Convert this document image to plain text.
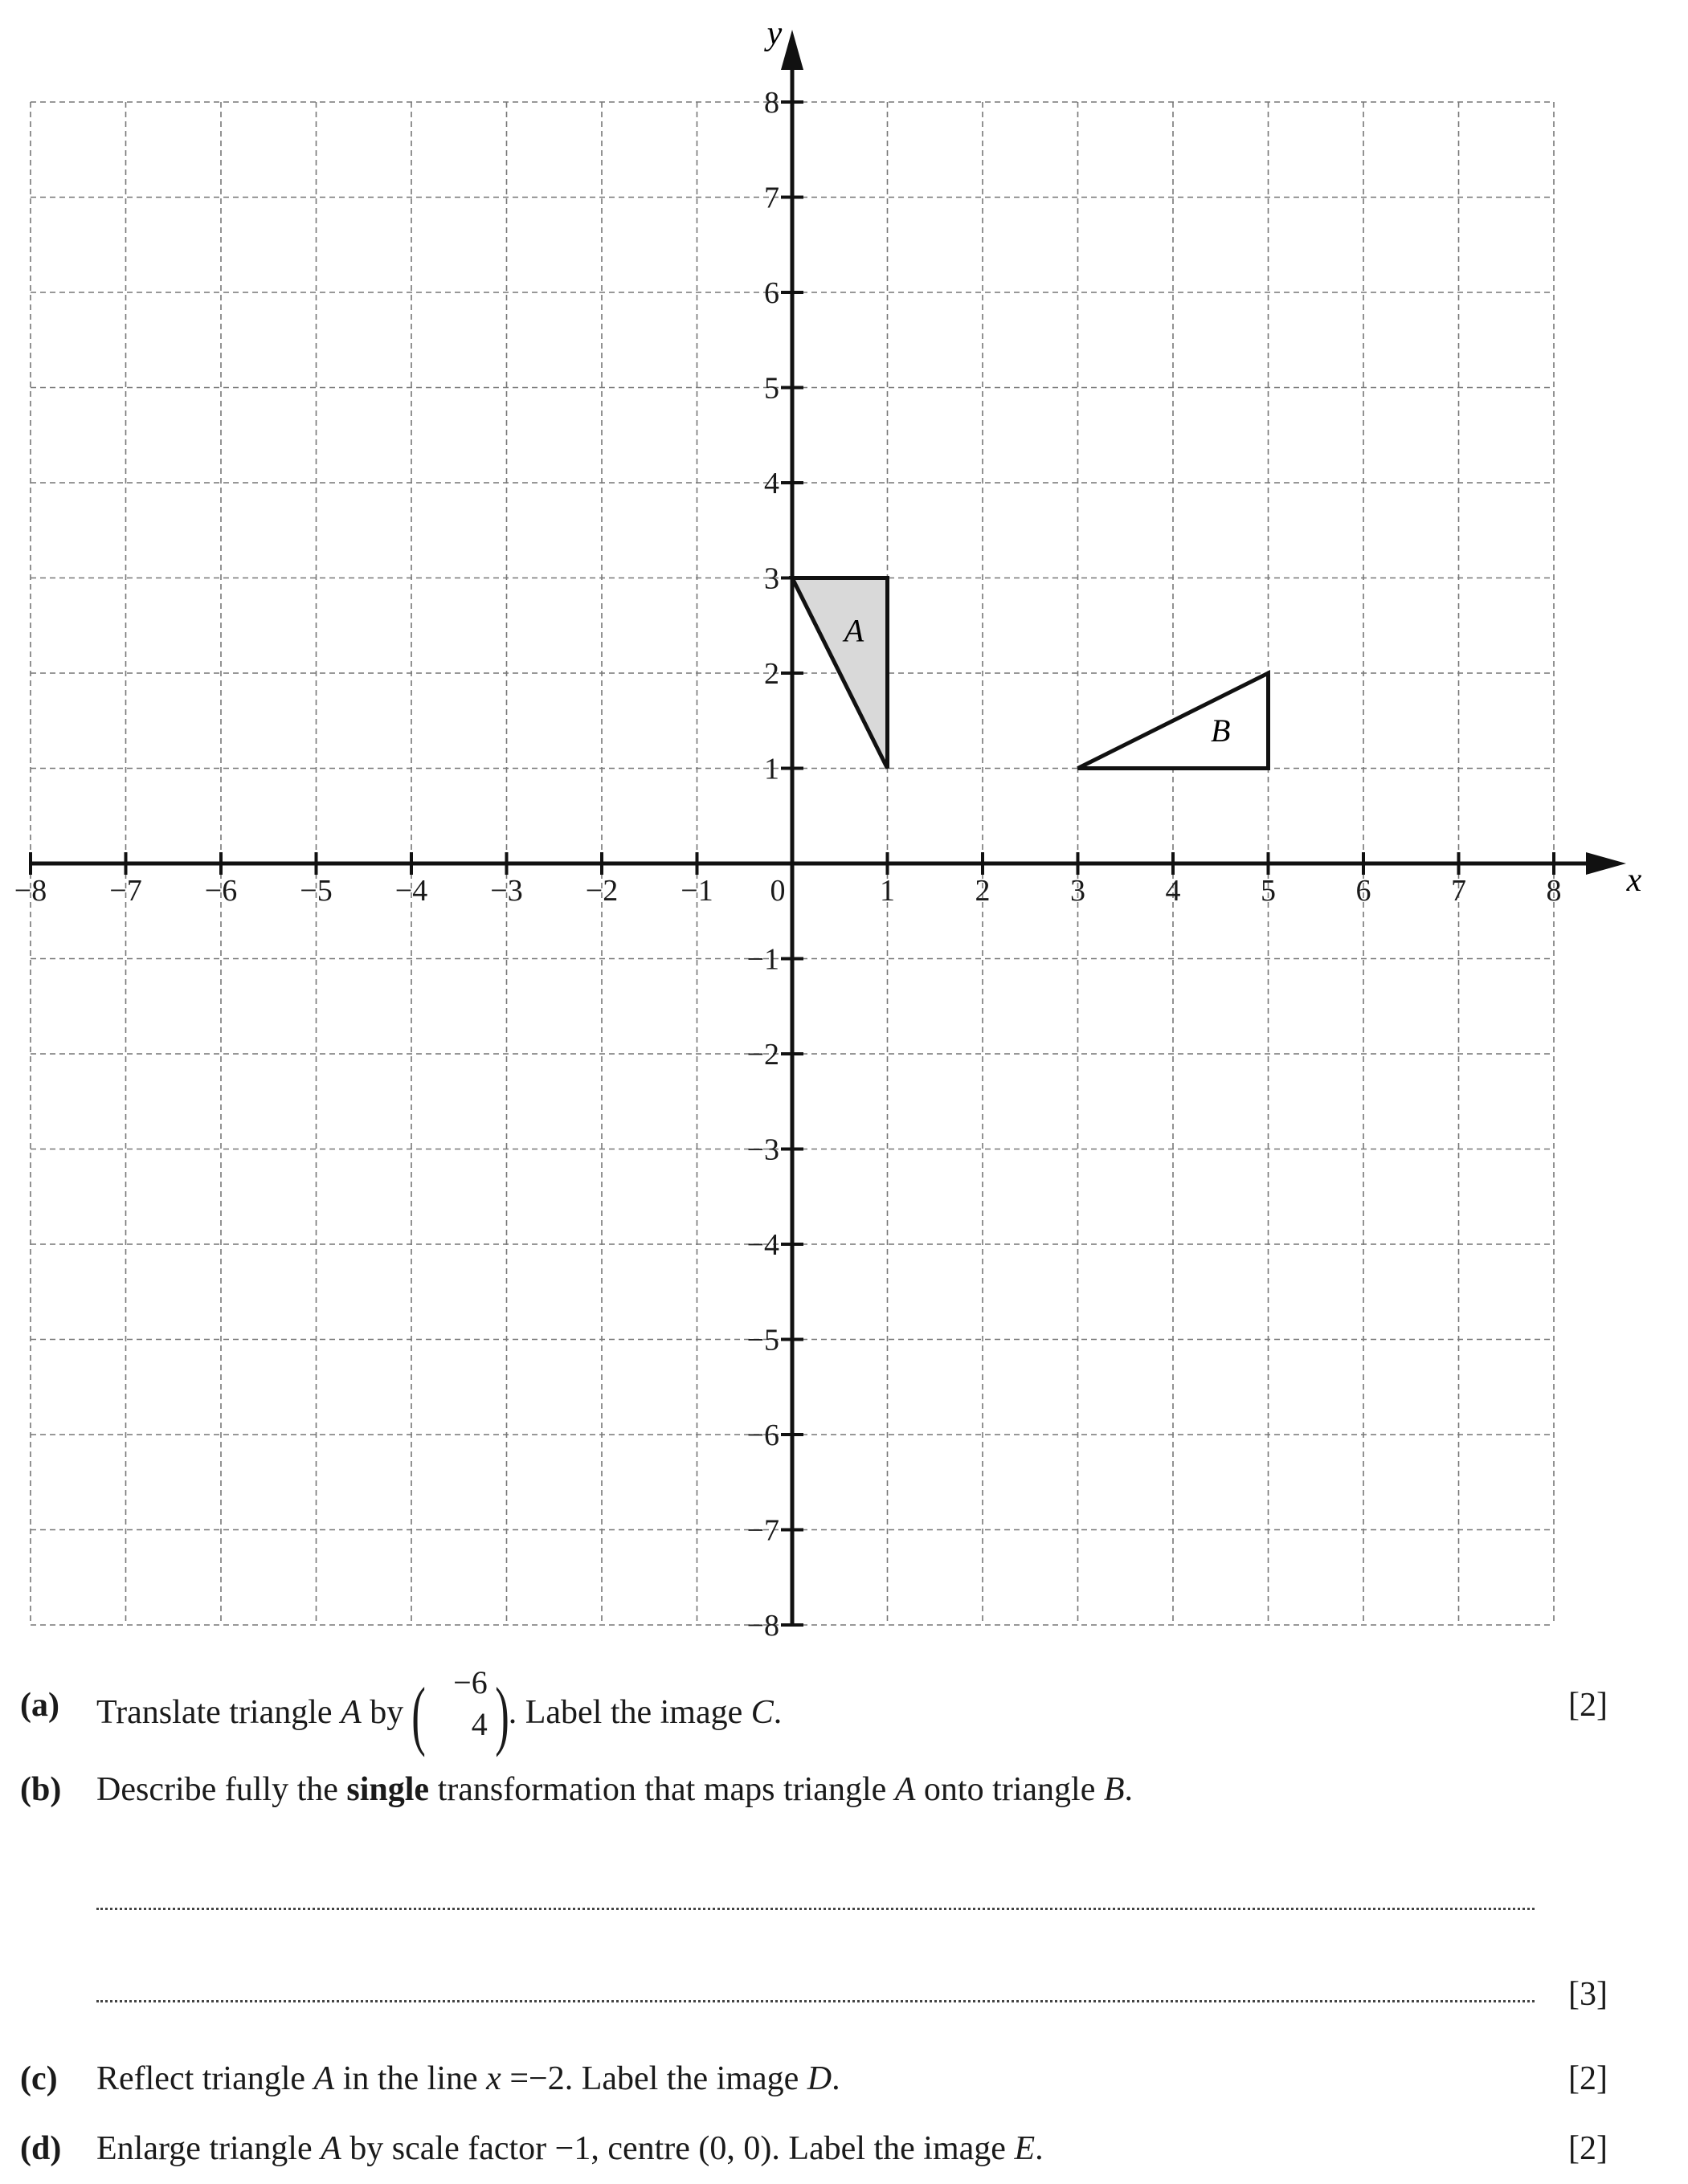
−8 −7 −6 −5 −4 −3 −2 −1 0	1	2	3	4	5	6	7	8
8
7
6
5
4
3
2
1
−1
−2
−3
−4
−5
−6
−7
−8
A
B
x
y
(a) Translate triangle A by ( −6
4 ) . Label the image C.	[2]
(b) Describe fully the single transformation that maps triangle A onto triangle B.
[3]
(c) Reflect triangle A in the line x =−2. Label the image D.	[2]
(d) Enlarge triangle A by scale factor −1, centre (0, 0). Label the image E.	[2]
